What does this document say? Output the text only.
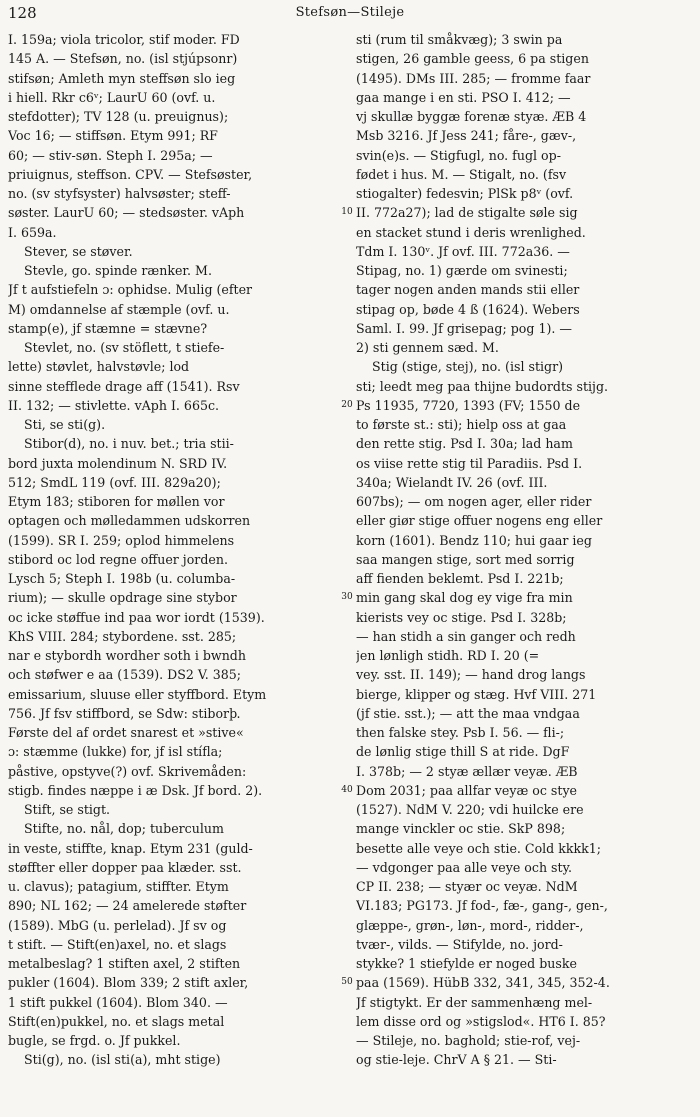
128	Stefsøn—Stileje
I. 159a; viola tricolor, stif moder. FD
145 A. — Stefsøn, no. (isl stjúpsonr)
stifsøn; Amleth myn steffsøn slo ieg
i hiell. Rkr c6ᵛ; LaurU 60 (ovf. u.
stefdotter); TV 128 (u. preuignus);
Voc 16; — stiffsøn. Etym 991; RF
60; — stiv-søn. Steph I. 295a; —
priuignus, steffson. CPV. — Stefsøster,
no. (sv styfsyster) halvsøster; steff-
søster. LaurU 60; — stedsøster. vAph
I. 659a.
Stever, se støver.
Stevle, go. spinde rænker. M.
Jf t aufstiefeln ɔ: ophidse. Mulig (efter
M) omdannelse af stæmple (ovf. u.
stamp(e), jf stæmne = stævne?
Stevlet, no. (sv stöflett, t stiefe-
lette) støvlet, halvstøvle; lod
sinne stefflede drage aff (1541). Rsv
II. 132; — stivlette. vAph I. 665c.
Sti, se sti(g).
Stibor(d), no. i nuv. bet.; tria stii-
bord juxta molendinum N. SRD IV.
512; SmdL 119 (ovf. III. 829a20);
Etym 183; stiboren for møllen vor
optagen och mølledammen udskorren
(1599). SR I. 259; oplod himmelens
stibord oc lod regne offuer jorden.
Lysch 5; Steph I. 198b (u. columba-
rium); — skulle opdrage sine stybor
oc icke støffue ind paa wor iordt (1539).
KhS VIII. 284; stybordene. sst. 285;
nar e stybordh wordher soth i bwndh
och støfwer e aa (1539). DS2 V. 385;
emissarium, sluuse eller styffbord. Etym
756. Jf fsv stiffbord, se Sdw: stiborþ.
Første del af ordet snarest et »stive«
ɔ: stæmme (lukke) for, jf isl stífla;
påstive, opstyve(?) ovf. Skrivemåden:
stigb. findes næppe i æ Dsk. Jf bord. 2).
Stift, se stigt.
Stifte, no. nål, dop; tuberculum
in veste, stiffte, knap. Etym 231 (guld-
støffter eller dopper paa klæder. sst.
u. clavus); patagium, stiffter. Etym
890; NL 162; — 24 amelerede støfter
(1589). MbG (u. perlelad). Jf sv og
t stift. — Stift(en)axel, no. et slags
metalbeslag? 1 stiften axel, 2 stiften
pukler (1604). Blom 339; 2 stift axler,
1 stift pukkel (1604). Blom 340. —
Stift(en)pukkel, no. et slags metal
bugle, se frgd. o. Jf pukkel.
Sti(g), no. (isl sti(a), mht stige)
sti (rum til småkvæg); 3 swin pa
stigen, 26 gamble geess, 6 pa stigen
(1495). DMs III. 285; — fromme faar
gaa mange i en sti. PSO I. 412; —
vj skullæ byggæ forenæ styæ. ÆB 4
Msb 3216. Jf Jess 241; fåre-, gæv-,
svin(e)s. — Stigfugl, no. fugl op-
fødet i hus. M. — Stigalt, no. (fsv
stiogalter) fedesvin; PlSk p8ᵛ (ovf.
II. 772a27); lad de stigalte søle sig
en stacket stund i deris wrenlighed.
Tdm I. 130ᵛ. Jf ovf. III. 772a36. —
Stipag, no. 1) gærde om svinesti;
tager nogen anden mands stii eller
stipag op, bøde 4 ß (1624). Webers
Saml. I. 99. Jf grisepag; pog 1). —
2) sti gennem sæd. M.
Stig (stige, stej), no. (isl stigr)
sti; leedt meg paa thijne budordts stijg.
Ps 11935, 7720, 1393 (FV; 1550 de
to første st.: sti); hielp oss at gaa
den rette stig. Psd I. 30a; lad ham
os viise rette stig til Paradiis. Psd I.
340a; Wielandt IV. 26 (ovf. III.
607bs); — om nogen ager, eller rider
eller giør stige offuer nogens eng eller
korn (1601). Bendz 110; hui gaar ieg
saa mangen stige, sort med sorrig
aff fienden beklemt. Psd I. 221b;
min gang skal dog ey vige fra min
kierists vey oc stige. Psd I. 328b;
— han stidh a sin ganger och redh
jen lønligh stidh. RD I. 20 (=
vey. sst. II. 149); — hand drog langs
bierge, klipper og stæg. Hvf VIII. 271
(jf stie. sst.); — att the maa vndgaa
then falske stey. Psb I. 56. — fli-;
de lønlig stige thill S at ride. DgF
I. 378b; — 2 styæ ællær veyæ. ÆB
Dom 2031; paa allfar veyæ oc stye
(1527). NdM V. 220; vdi huilcke ere
mange vinckler oc stie. SkP 898;
besette alle veye och stie. Cold kkkk1;
— vdgonger paa alle veye och sty.
CP II. 238; — styær oc veyæ. NdM
VI.183; PG173. Jf fod-, fæ-, gang-, gen-,
glæppe-, grøn-, løn-, mord-, ridder-,
tvær-, vilds. — Stifylde, no. jord-
stykke? 1 stiefylde er noged buske
paa (1569). HübB 332, 341, 345, 352-4.
Jf stigtykt. Er der sammenhæng mel-
lem disse ord og »stigslod«. HT6 I. 85?
— Stileje, no. baghold; stie-rof, vej-
og stie-leje. ChrV A § 21. — Sti-
10
20
30
40
50
